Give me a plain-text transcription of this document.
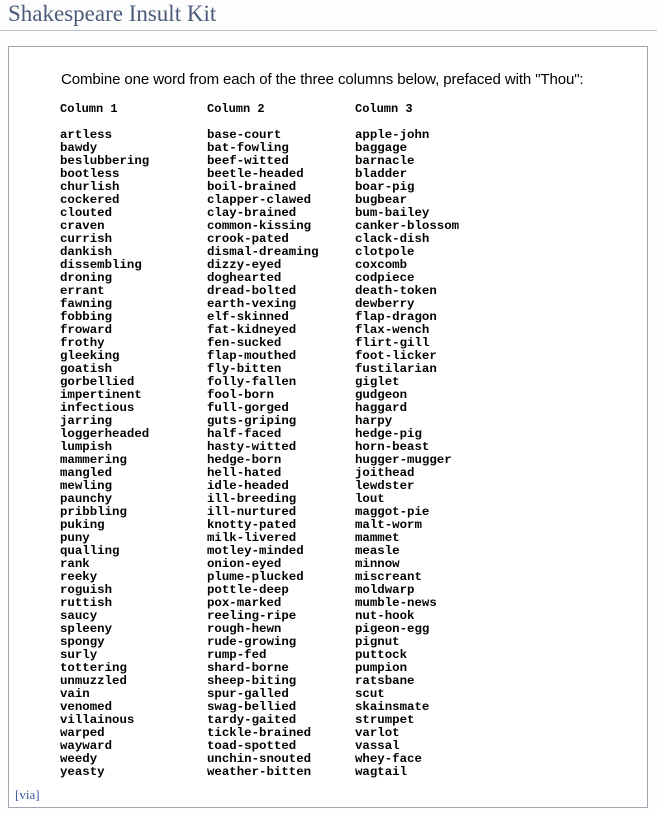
Shakespeare Insult Kit
Combine one word from each of the three columns below, prefaced with "Thou":
Column 1
artless
bawdy
beslubbering
bootless
churlish
cockered
clouted
craven
currish
dankish
dissembling
droning
errant
fawning
fobbing
froward
frothy
gleeking
goatish
gorbellied
impertinent
infectious
jarring
loggerheaded
lumpish
mammering
mangled
mewling
paunchy
pribbling
puking
puny
qualling
rank
reeky
roguish
ruttish
saucy
spleeny
spongy
surly
tottering
unmuzzled
vain
venomed
villainous
warped
wayward
weedy
yeasty
Column 2
base-court
bat-fowling
beef-witted
beetle-headed
boil-brained
clapper-clawed
clay-brained
common-kissing
crook-pated
dismal-dreaming
dizzy-eyed
doghearted
dread-bolted
earth-vexing
elf-skinned
fat-kidneyed
fen-sucked
flap-mouthed
fly-bitten
folly-fallen
fool-born
full-gorged
guts-griping
half-faced
hasty-witted
hedge-born
hell-hated
idle-headed
ill-breeding
ill-nurtured
knotty-pated
milk-livered
motley-minded
onion-eyed
plume-plucked
pottle-deep
pox-marked
reeling-ripe
rough-hewn
rude-growing
rump-fed
shard-borne
sheep-biting
spur-galled
swag-bellied
tardy-gaited
tickle-brained
toad-spotted
unchin-snouted
weather-bitten
Column 3
apple-john
baggage
barnacle
bladder
boar-pig
bugbear
bum-bailey
canker-blossom
clack-dish
clotpole
coxcomb
codpiece
death-token
dewberry
flap-dragon
flax-wench
flirt-gill
foot-licker
fustilarian
giglet
gudgeon
haggard
harpy
hedge-pig
horn-beast
hugger-mugger
joithead
lewdster
lout
maggot-pie
malt-worm
mammet
measle
minnow
miscreant
moldwarp
mumble-news
nut-hook
pigeon-egg
pignut
puttock
pumpion
ratsbane
scut
skainsmate
strumpet
varlot
vassal
whey-face
wagtail
[via]
